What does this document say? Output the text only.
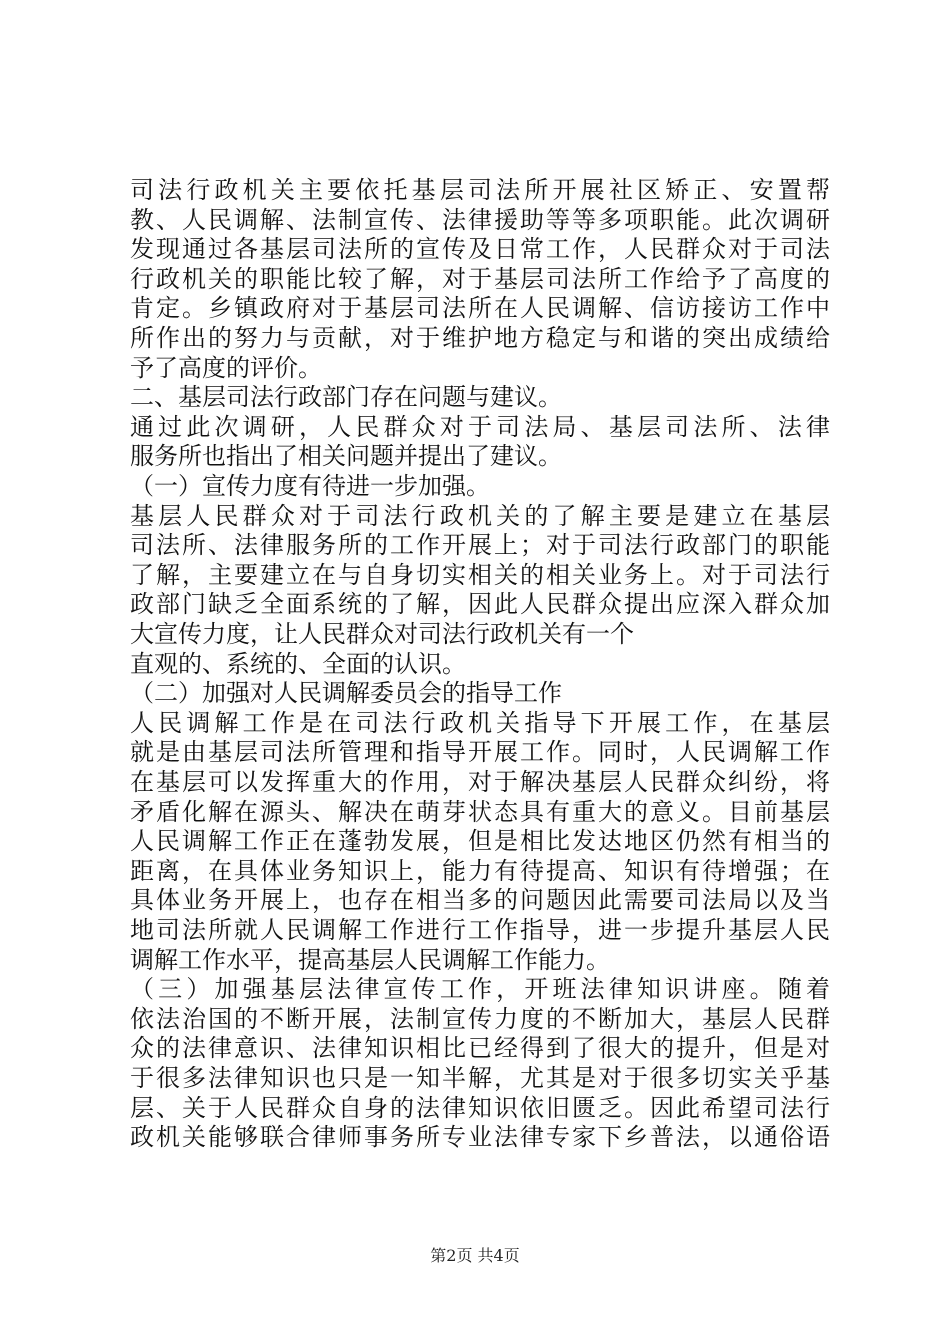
司法行政机关主要依托基层司法所开展社区矫正、安置帮
教、人民调解、法制宣传、法律援助等等多项职能。此次调研
发现通过各基层司法所的宣传及日常工作，人民群众对于司法
行政机关的职能比较了解，对于基层司法所工作给予了高度的
肯定。乡镇政府对于基层司法所在人民调解、信访接访工作中
所作出的努力与贡献，对于维护地方稳定与和谐的突出成绩给
予了高度的评价。
二、基层司法行政部门存在问题与建议。
通过此次调研，人民群众对于司法局、基层司法所、法律
服务所也指出了相关问题并提出了建议。
（一）宣传力度有待进一步加强。
基层人民群众对于司法行政机关的了解主要是建立在基层
司法所、法律服务所的工作开展上；对于司法行政部门的职能
了解，主要建立在与自身切实相关的相关业务上。对于司法行
政部门缺乏全面系统的了解，因此人民群众提出应深入群众加
大宣传力度，让人民群众对司法行政机关有一个
直观的、系统的、全面的认识。
（二）加强对人民调解委员会的指导工作
人民调解工作是在司法行政机关指导下开展工作，在基层
就是由基层司法所管理和指导开展工作。同时，人民调解工作
在基层可以发挥重大的作用，对于解决基层人民群众纠纷，将
矛盾化解在源头、解决在萌芽状态具有重大的意义。目前基层
人民调解工作正在蓬勃发展，但是相比发达地区仍然有相当的
距离，在具体业务知识上，能力有待提高、知识有待增强；在
具体业务开展上，也存在相当多的问题因此需要司法局以及当
地司法所就人民调解工作进行工作指导，进一步提升基层人民
调解工作水平，提高基层人民调解工作能力。
（三）加强基层法律宣传工作，开班法律知识讲座。随着
依法治国的不断开展，法制宣传力度的不断加大，基层人民群
众的法律意识、法律知识相比已经得到了很大的提升，但是对
于很多法律知识也只是一知半解，尤其是对于很多切实关乎基
层、关于人民群众自身的法律知识依旧匮乏。因此希望司法行
政机关能够联合律师事务所专业法律专家下乡普法，以通俗语
第2页 共4页
